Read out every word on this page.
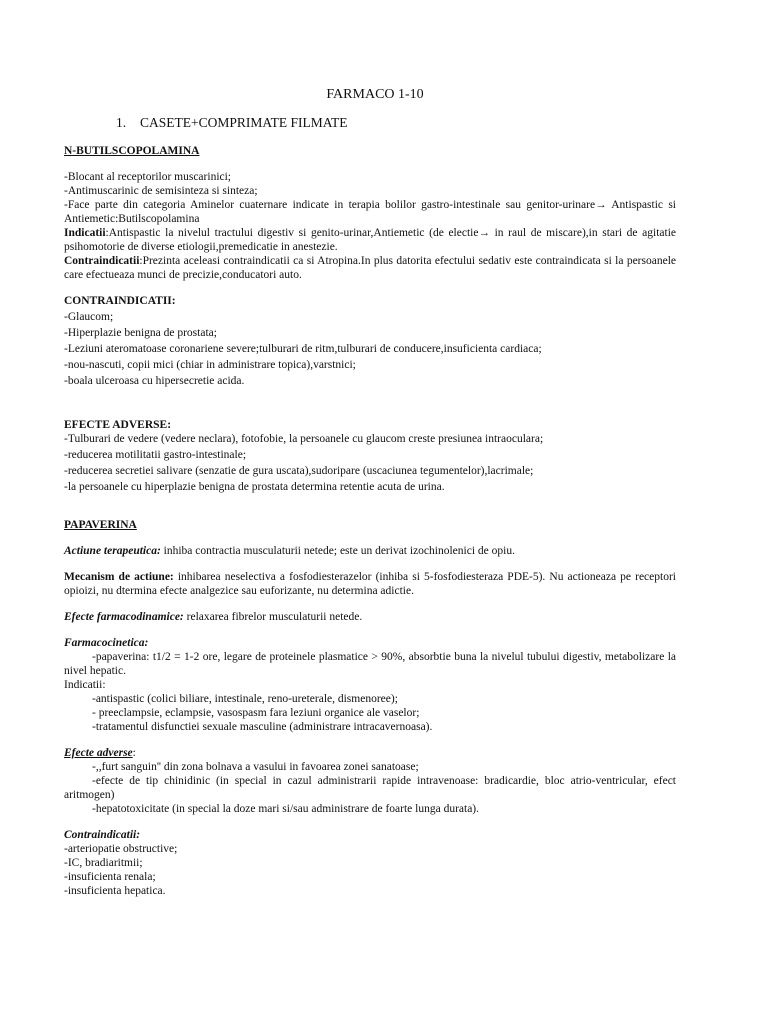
FARMACO 1-10

1. CASETE+COMPRIMATE FILMATE

N-BUTILSCOPOLAMINA

-Blocant al receptorilor muscarinici;

-Antimuscarinic de semisinteza si sinteza;

-Face parte din categoria Aminelor cuaternare indicate in terapia bolilor gastro-intestinale sau genitor-urinare→ Antispastic si Antiemetic:Butilscopolamina

Indicatii:Antispastic la nivelul tractului digestiv si genito-urinar,Antiemetic (de electie→ in raul de miscare),in stari de agitatie psihomotorie de diverse etiologii,premedicatie in anestezie.

Contraindicatii:Prezinta aceleasi contraindicatii ca si Atropina.In plus datorita efectului sedativ este contraindicata si la persoanele care efectueaza munci de precizie,conducatori auto.

CONTRAINDICATII:

-Glaucom;

-Hiperplazie benigna de prostata;

-Leziuni ateromatoase coronariene severe;tulburari de ritm,tulburari de conducere,insuficienta cardiaca;

-nou-nascuti, copii mici (chiar in administrare topica),varstnici;

-boala ulceroasa cu hipersecretie acida.

EFECTE ADVERSE:

-Tulburari de vedere (vedere neclara), fotofobie, la persoanele cu glaucom creste presiunea intraoculara;

-reducerea motilitatii gastro-intestinale;

-reducerea secretiei salivare (senzatie de gura uscata),sudoripare (uscaciunea tegumentelor),lacrimale;

-la persoanele cu hiperplazie benigna de prostata determina retentie acuta de urina.

PAPAVERINA

Actiune terapeutica: inhiba contractia musculaturii netede; este un derivat izochinolenici de opiu.

Mecanism de actiune: inhibarea neselectiva a fosfodiesterazelor (inhiba si 5-fosfodiesteraza PDE-5). Nu actioneaza pe receptori opioizi, nu dtermina efecte analgezice sau euforizante, nu determina adictie.

Efecte farmacodinamice: relaxarea fibrelor musculaturii netede.

Farmacocinetica:

-papaverina: t1/2 = 1-2 ore, legare de proteinele plasmatice > 90%, absorbtie buna la nivelul tubului digestiv, metabolizare la nivel hepatic.

Indicatii:

-antispastic (colici biliare, intestinale, reno-ureterale, dismenoree);

- preeclampsie, eclampsie, vasospasm fara leziuni organice ale vaselor;

-tratamentul disfunctiei sexuale masculine (administrare intracavernoasa).

Efecte adverse:

-,,furt sanguin'' din zona bolnava a vasului in favoarea zonei sanatoase;

-efecte de tip chinidinic (in special in cazul administrarii rapide intravenoase: bradicardie, bloc atrio-ventricular, efect aritmogen)

-hepatotoxicitate (in special la doze mari si/sau administrare de foarte lunga durata).

Contraindicatii:

-arteriopatie obstructive;

-IC, bradiaritmii;

-insuficienta renala;

-insuficienta hepatica.
